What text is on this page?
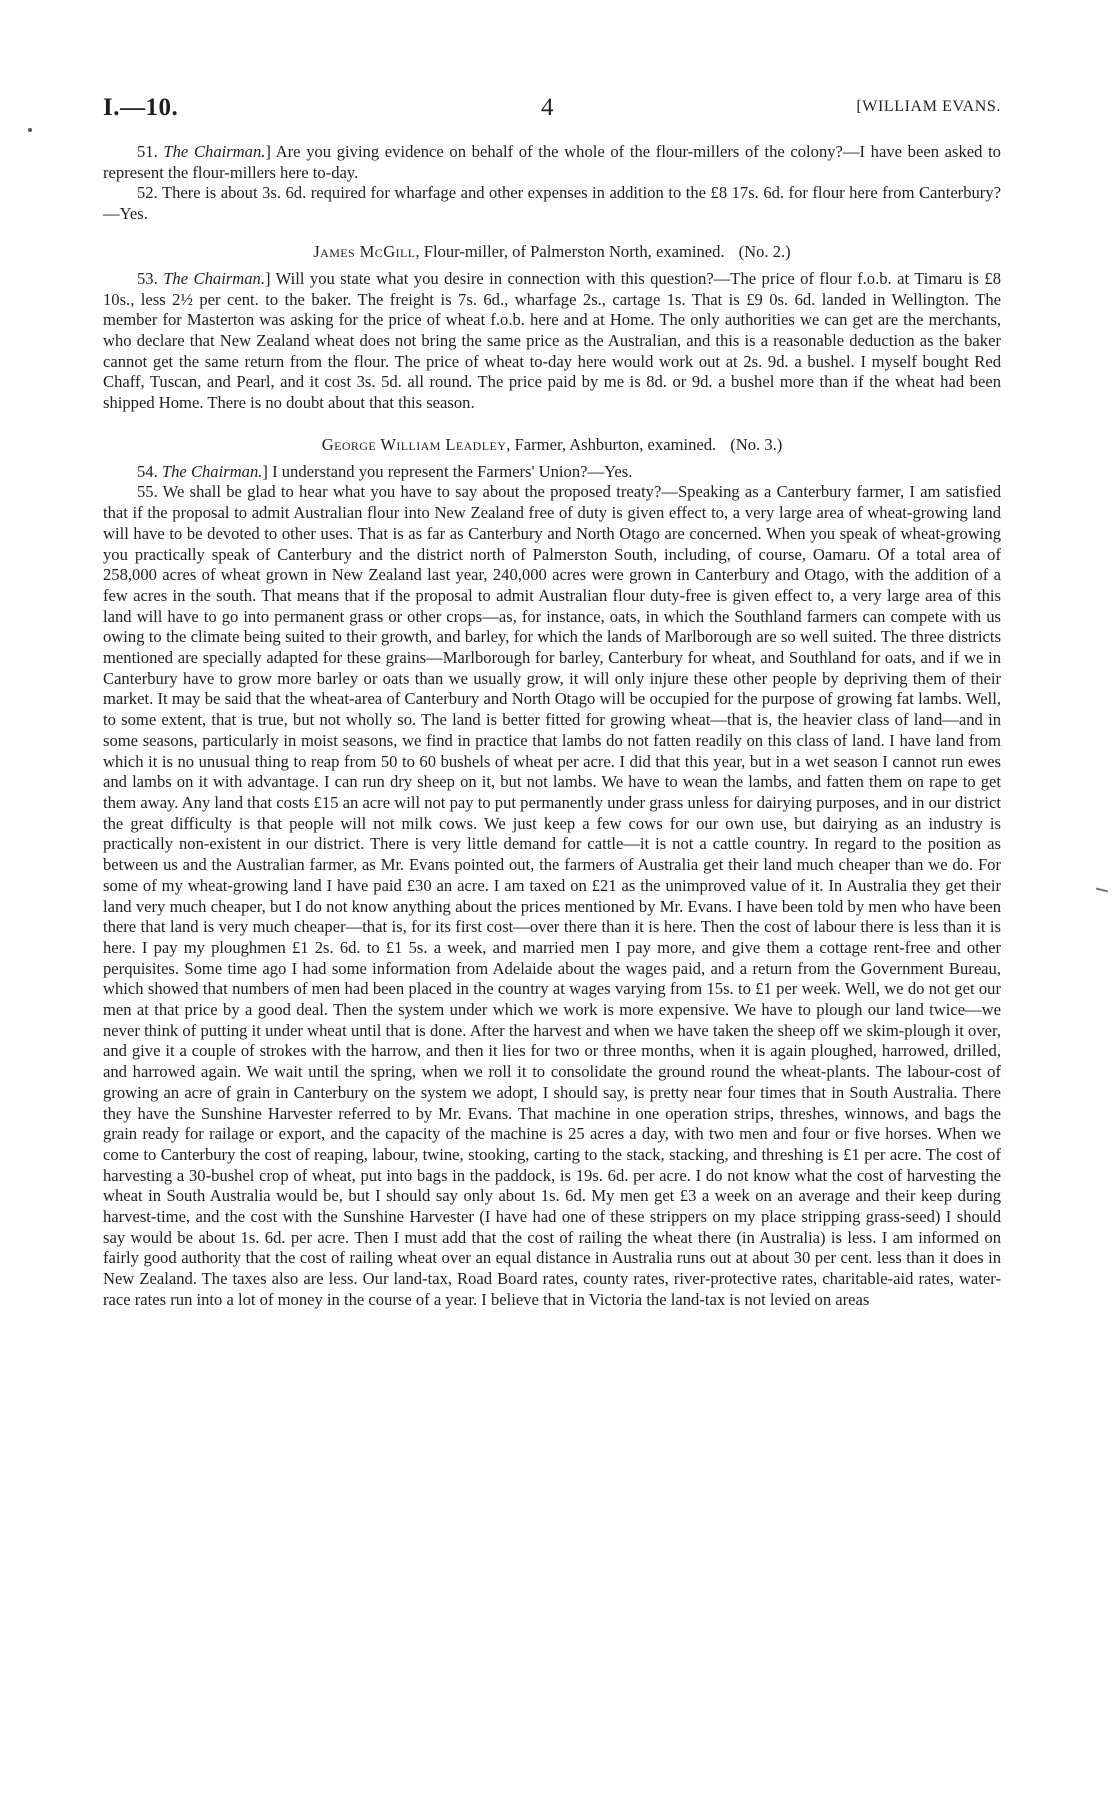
I.—10.	4	[WILLIAM EVANS.

51. The Chairman.] Are you giving evidence on behalf of the whole of the flour-millers of the colony?—I have been asked to represent the flour-millers here to-day.

52. There is about 3s. 6d. required for wharfage and other expenses in addition to the £8 17s. 6d. for flour here from Canterbury?—Yes.

James McGill, Flour-miller, of Palmerston North, examined. (No. 2.)

53. The Chairman.] Will you state what you desire in connection with this question?—The price of flour f.o.b. at Timaru is £8 10s., less 2½ per cent. to the baker. The freight is 7s. 6d., wharfage 2s., cartage 1s. That is £9 0s. 6d. landed in Wellington. The member for Masterton was asking for the price of wheat f.o.b. here and at Home. The only authorities we can get are the merchants, who declare that New Zealand wheat does not bring the same price as the Australian, and this is a reasonable deduction as the baker cannot get the same return from the flour. The price of wheat to-day here would work out at 2s. 9d. a bushel. I myself bought Red Chaff, Tuscan, and Pearl, and it cost 3s. 5d. all round. The price paid by me is 8d. or 9d. a bushel more than if the wheat had been shipped Home. There is no doubt about that this season.

George William Leadley, Farmer, Ashburton, examined. (No. 3.)

54. The Chairman.] I understand you represent the Farmers' Union?—Yes.

55. We shall be glad to hear what you have to say about the proposed treaty?—Speaking as a Canterbury farmer, I am satisfied that if the proposal to admit Australian flour into New Zealand free of duty is given effect to, a very large area of wheat-growing land will have to be devoted to other uses. That is as far as Canterbury and North Otago are concerned. When you speak of wheat-growing you practically speak of Canterbury and the district north of Palmerston South, including, of course, Oamaru. Of a total area of 258,000 acres of wheat grown in New Zealand last year, 240,000 acres were grown in Canterbury and Otago, with the addition of a few acres in the south. That means that if the proposal to admit Australian flour duty-free is given effect to, a very large area of this land will have to go into permanent grass or other crops—as, for instance, oats, in which the Southland farmers can compete with us owing to the climate being suited to their growth, and barley, for which the lands of Marlborough are so well suited. The three districts mentioned are specially adapted for these grains—Marlborough for barley, Canterbury for wheat, and Southland for oats, and if we in Canterbury have to grow more barley or oats than we usually grow, it will only injure these other people by depriving them of their market. It may be said that the wheat-area of Canterbury and North Otago will be occupied for the purpose of growing fat lambs. Well, to some extent, that is true, but not wholly so. The land is better fitted for growing wheat—that is, the heavier class of land—and in some seasons, particularly in moist seasons, we find in practice that lambs do not fatten readily on this class of land. I have land from which it is no unusual thing to reap from 50 to 60 bushels of wheat per acre. I did that this year, but in a wet season I cannot run ewes and lambs on it with advantage. I can run dry sheep on it, but not lambs. We have to wean the lambs, and fatten them on rape to get them away. Any land that costs £15 an acre will not pay to put permanently under grass unless for dairying purposes, and in our district the great difficulty is that people will not milk cows. We just keep a few cows for our own use, but dairying as an industry is practically non-existent in our district. There is very little demand for cattle—it is not a cattle country. In regard to the position as between us and the Australian farmer, as Mr. Evans pointed out, the farmers of Australia get their land much cheaper than we do. For some of my wheat-growing land I have paid £30 an acre. I am taxed on £21 as the unimproved value of it. In Australia they get their land very much cheaper, but I do not know anything about the prices mentioned by Mr. Evans. I have been told by men who have been there that land is very much cheaper—that is, for its first cost—over there than it is here. Then the cost of labour there is less than it is here. I pay my ploughmen £1 2s. 6d. to £1 5s. a week, and married men I pay more, and give them a cottage rent-free and other perquisites. Some time ago I had some information from Adelaide about the wages paid, and a return from the Government Bureau, which showed that numbers of men had been placed in the country at wages varying from 15s. to £1 per week. Well, we do not get our men at that price by a good deal. Then the system under which we work is more expensive. We have to plough our land twice—we never think of putting it under wheat until that is done. After the harvest and when we have taken the sheep off we skim-plough it over, and give it a couple of strokes with the harrow, and then it lies for two or three months, when it is again ploughed, harrowed, drilled, and harrowed again. We wait until the spring, when we roll it to consolidate the ground round the wheat-plants. The labour-cost of growing an acre of grain in Canterbury on the system we adopt, I should say, is pretty near four times that in South Australia. There they have the Sunshine Harvester referred to by Mr. Evans. That machine in one operation strips, threshes, winnows, and bags the grain ready for railage or export, and the capacity of the machine is 25 acres a day, with two men and four or five horses. When we come to Canterbury the cost of reaping, labour, twine, stooking, carting to the stack, stacking, and threshing is £1 per acre. The cost of harvesting a 30-bushel crop of wheat, put into bags in the paddock, is 19s. 6d. per acre. I do not know what the cost of harvesting the wheat in South Australia would be, but I should say only about 1s. 6d. My men get £3 a week on an average and their keep during harvest-time, and the cost with the Sunshine Harvester (I have had one of these strippers on my place stripping grass-seed) I should say would be about 1s. 6d. per acre. Then I must add that the cost of railing the wheat there (in Australia) is less. I am informed on fairly good authority that the cost of railing wheat over an equal distance in Australia runs out at about 30 per cent. less than it does in New Zealand. The taxes also are less. Our land-tax, Road Board rates, county rates, river-protective rates, charitable-aid rates, water-race rates run into a lot of money in the course of a year. I believe that in Victoria the land-tax is not levied on areas
